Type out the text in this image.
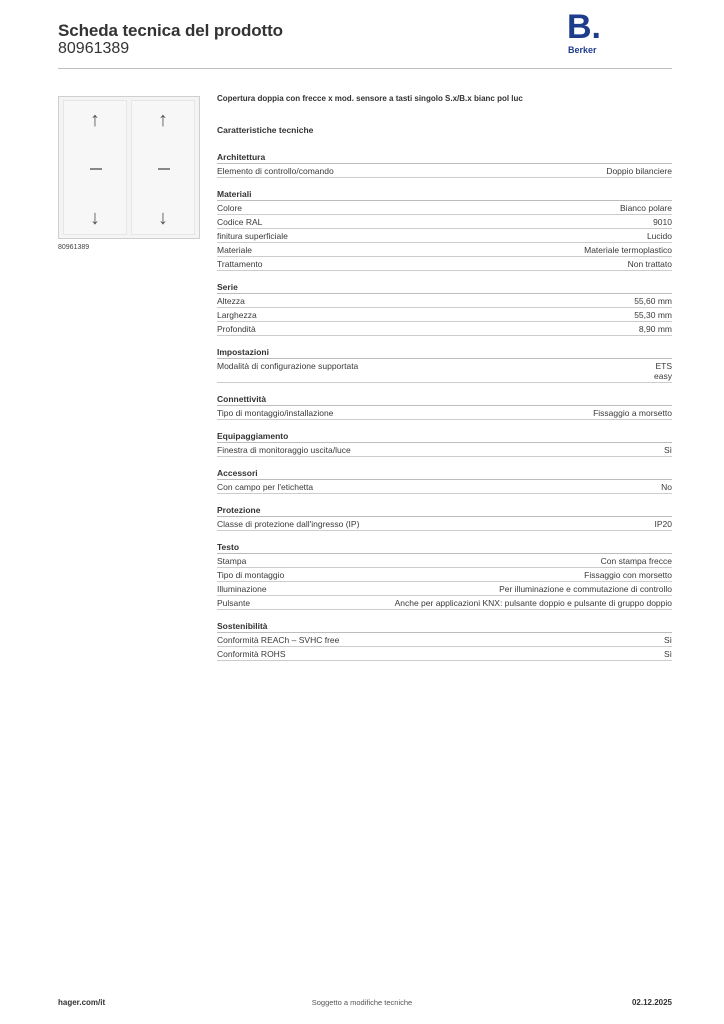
Scheda tecnica del prodotto
80961389
B.
Berker
↑
↓
↑
↓
80961389
Copertura doppia con frecce x mod. sensore a tasti singolo S.x/B.x bianc pol luc
Caratteristiche tecniche
Architettura
Elemento di controllo/comando	Doppio bilanciere
Materiali
Colore	Bianco polare
Codice RAL	9010
finitura superficiale	Lucido
Materiale	Materiale termoplastico
Trattamento	Non trattato
Serie
Altezza	55,60 mm
Larghezza	55,30 mm
Profondità	8,90 mm
Impostazioni
Modalità di configurazione supportata	ETS
easy
Connettività
Tipo di montaggio/installazione	Fissaggio a morsetto
Equipaggiamento
Finestra di monitoraggio uscita/luce	Sì
Accessori
Con campo per l'etichetta	No
Protezione
Classe di protezione dall'ingresso (IP)	IP20
Testo
Stampa	Con stampa frecce
Tipo di montaggio	Fissaggio con morsetto
Illuminazione	Per illuminazione e commutazione di controllo
Pulsante	Anche per applicazioni KNX: pulsante doppio e pulsante di gruppo doppio
Sostenibilità
Conformità REACh – SVHC free	Sì
Conformità ROHS	Sì
hager.com/it	Soggetto a modifiche tecniche	02.12.2025
